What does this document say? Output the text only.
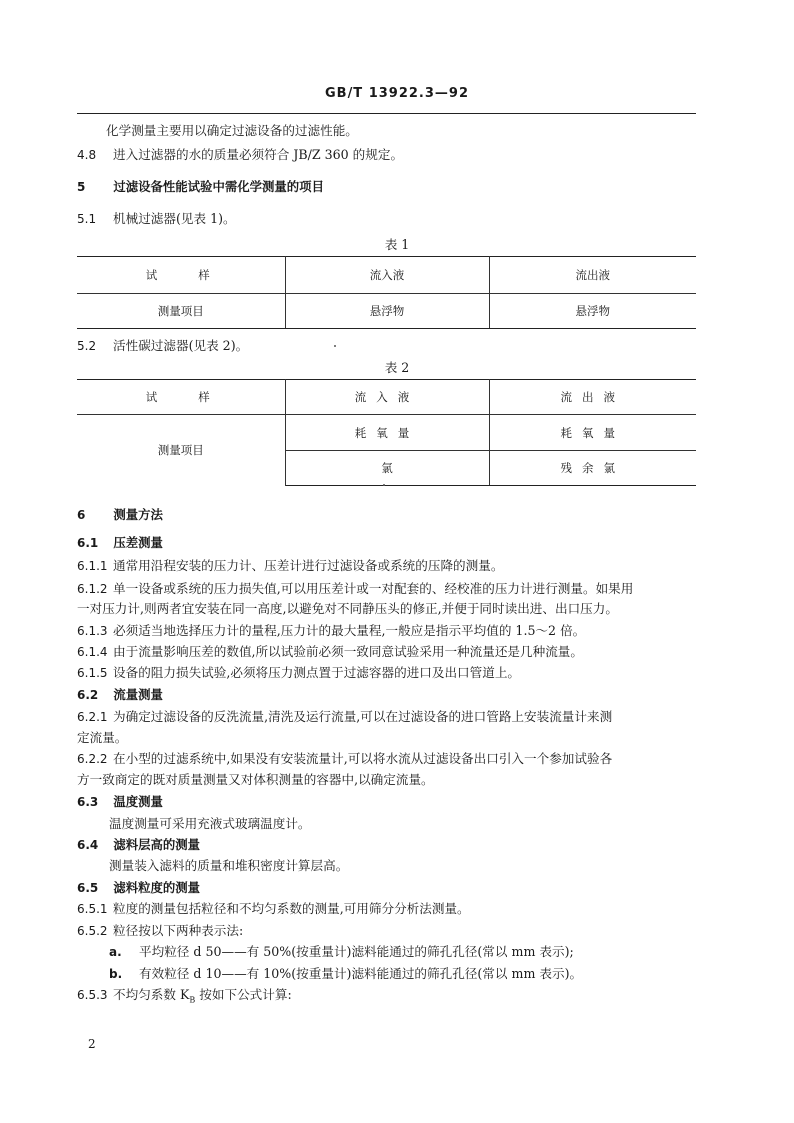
GB/T 13922.3—92
化学测量主要用以确定过滤设备的过滤性能。
4.8 进入过滤器的水的质量必须符合 JB/Z 360 的规定。
5 过滤设备性能试验中需化学测量的项目
5.1 机械过滤器(见表 1)。
表 1
试　　样	流入液	流出液
测量项目	悬浮物	悬浮物
5.2 活性碳过滤器(见表 2)。
表 2
试　　样	流入液	流出液
测量项目	耗氧量	耗氧量
	氯	残余氯
6 测量方法
6.1 压差测量
6.1.1 通常用沿程安装的压力计、压差计进行过滤设备或系统的压降的测量。
6.1.2 单一设备或系统的压力损失值,可以用压差计或一对配套的、经校准的压力计进行测量。如果用
一对压力计,则两者宜安装在同一高度,以避免对不同静压头的修正,并便于同时读出进、出口压力。
6.1.3 必须适当地选择压力计的量程,压力计的最大量程,一般应是指示平均值的 1.5～2 倍。
6.1.4 由于流量影响压差的数值,所以试验前必须一致同意试验采用一种流量还是几种流量。
6.1.5 设备的阻力损失试验,必须将压力测点置于过滤容器的进口及出口管道上。
6.2 流量测量
6.2.1 为确定过滤设备的反洗流量,清洗及运行流量,可以在过滤设备的进口管路上安装流量计来测
定流量。
6.2.2 在小型的过滤系统中,如果没有安装流量计,可以将水流从过滤设备出口引入一个参加试验各
方一致商定的既对质量测量又对体积测量的容器中,以确定流量。
6.3 温度测量
温度测量可采用充液式玻璃温度计。
6.4 滤料层高的测量
测量装入滤料的质量和堆积密度计算层高。
6.5 滤料粒度的测量
6.5.1 粒度的测量包括粒径和不均匀系数的测量,可用筛分分析法测量。
6.5.2 粒径按以下两种表示法:
a. 平均粒径 d 50——有 50%(按重量计)滤料能通过的筛孔孔径(常以 mm 表示);
b. 有效粒径 d 10——有 10%(按重量计)滤料能通过的筛孔孔径(常以 mm 表示)。
6.5.3 不均匀系数 $K_B$ 按如下公式计算:
2
